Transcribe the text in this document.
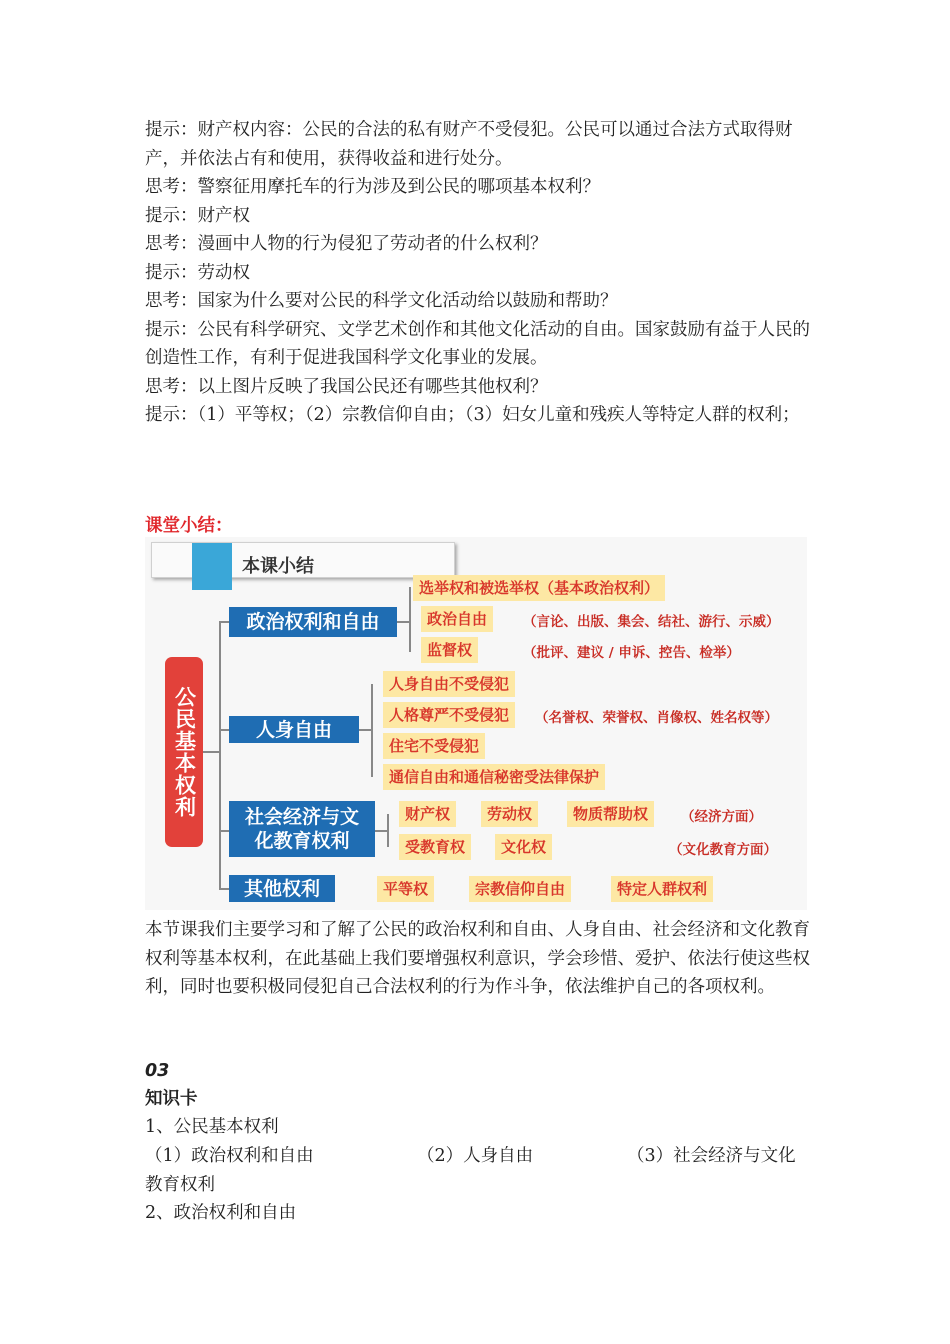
提示：财产权内容：公民的合法的私有财产不受侵犯。公民可以通过合法方式取得财产，并依法占有和使用，获得收益和进行处分。

思考：警察征用摩托车的行为涉及到公民的哪项基本权利？

提示：财产权

思考：漫画中人物的行为侵犯了劳动者的什么权利？

提示：劳动权

思考：国家为什么要对公民的科学文化活动给以鼓励和帮助？

提示：公民有科学研究、文学艺术创作和其他文化活动的自由。国家鼓励有益于人民的创造性工作，有利于促进我国科学文化事业的发展。

思考：以上图片反映了我国公民还有哪些其他权利？

提示：（1）平等权；（2）宗教信仰自由；（3）妇女儿童和残疾人等特定人群的权利；

课堂小结：
本课小结
公民基本权利
政治权利和自由
选举权和被选举权（基本政治权利）
政治自由
监督权
（言论、出版、集会、结社、游行、示威）
（批评、建议 / 申诉、控告、检举）
人身自由
人身自由不受侵犯
人格尊严不受侵犯	（名誉权、荣誉权、肖像权、姓名权等）
住宅不受侵犯
通信自由和通信秘密受法律保护
社会经济与文化教育权利
财产权	劳动权	物质帮助权	（经济方面）
受教育权	文化权	（文化教育方面）
其他权利	平等权	宗教信仰自由	特定人群权利

本节课我们主要学习和了解了公民的政治权利和自由、人身自由、社会经济和文化教育权利等基本权利，在此基础上我们要增强权利意识，学会珍惜、爱护、依法行使这些权利，同时也要积极同侵犯自己合法权利的行为作斗争，依法维护自己的各项权利。

03

知识卡

1、公民基本权利

（1）政治权利和自由	（2）人身自由	（3）社会经济与文化

教育权利

2、政治权利和自由
